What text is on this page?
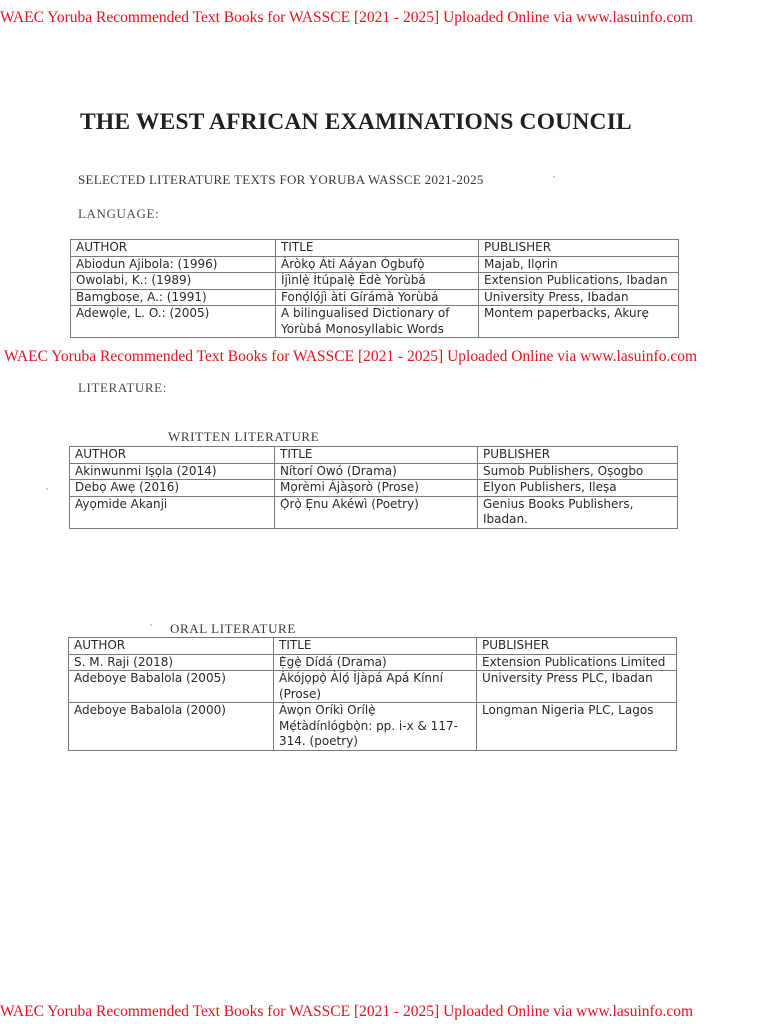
WAEC Yoruba Recommended Text Books for WASSCE [2021 - 2025] Uploaded Online via www.lasuinfo.com
THE WEST AFRICAN EXAMINATIONS COUNCIL
SELECTED LITERATURE TEXTS FOR YORUBA WASSCE 2021-2025
LANGUAGE:
AUTHOR	TITLE	PUBLISHER
Abiodun Ajibola: (1996)	Àròkọ Àti Aáyan Ògbufọ̀	Majab, Ilọrin
Owolabi, K.: (1989)	Ìjìnlẹ̀ Ìtúpalẹ̀ Èdè Yorùbá	Extension Publications, Ibadan
Bamgboṣe, A.: (1991)	Fonọ́lọ́jì àti Gírámà Yorùbá	University Press, Ibadan
Adewọle, L. O.: (2005)	A bilingualised Dictionary of Yorùbá Monosyllabic Words	Montem paperbacks, Akurẹ
WAEC Yoruba Recommended Text Books for WASSCE [2021 - 2025] Uploaded Online via www.lasuinfo.com
LITERATURE:
WRITTEN LITERATURE
AUTHOR	TITLE	PUBLISHER
Akinwunmi Iṣọla (2014)	Nítorí Owó (Drama)	Sumob Publishers, Oṣogbo
Debọ Awẹ (2016)	Mọrèmi Àjàṣorò (Prose)	Elyon Publishers, Ileṣa
Ayọmide Akanji	Ọ̀rọ̀ Ẹnu Akéwì (Poetry)	Genius Books Publishers, Ibadan.
ORAL LITERATURE
AUTHOR	TITLE	PUBLISHER
S. M. Raji (2018)	Ẹ̀gẹ̀ Dídá (Drama)	Extension Publications Limited
Adeboye Babalola (2005)	Àkójọpọ̀ Àlọ́ Ìjàpá Apá Kínní (Prose)	University Press PLC, Ibadan
Adeboye Babalola (2000)	Àwọn Oríkì Orílẹ̀ Mẹ́tàdínlógbọ̀n: pp. i-x & 117-314. (poetry)	Longman Nigeria PLC, Lagos
WAEC Yoruba Recommended Text Books for WASSCE [2021 - 2025] Uploaded Online via www.lasuinfo.com
